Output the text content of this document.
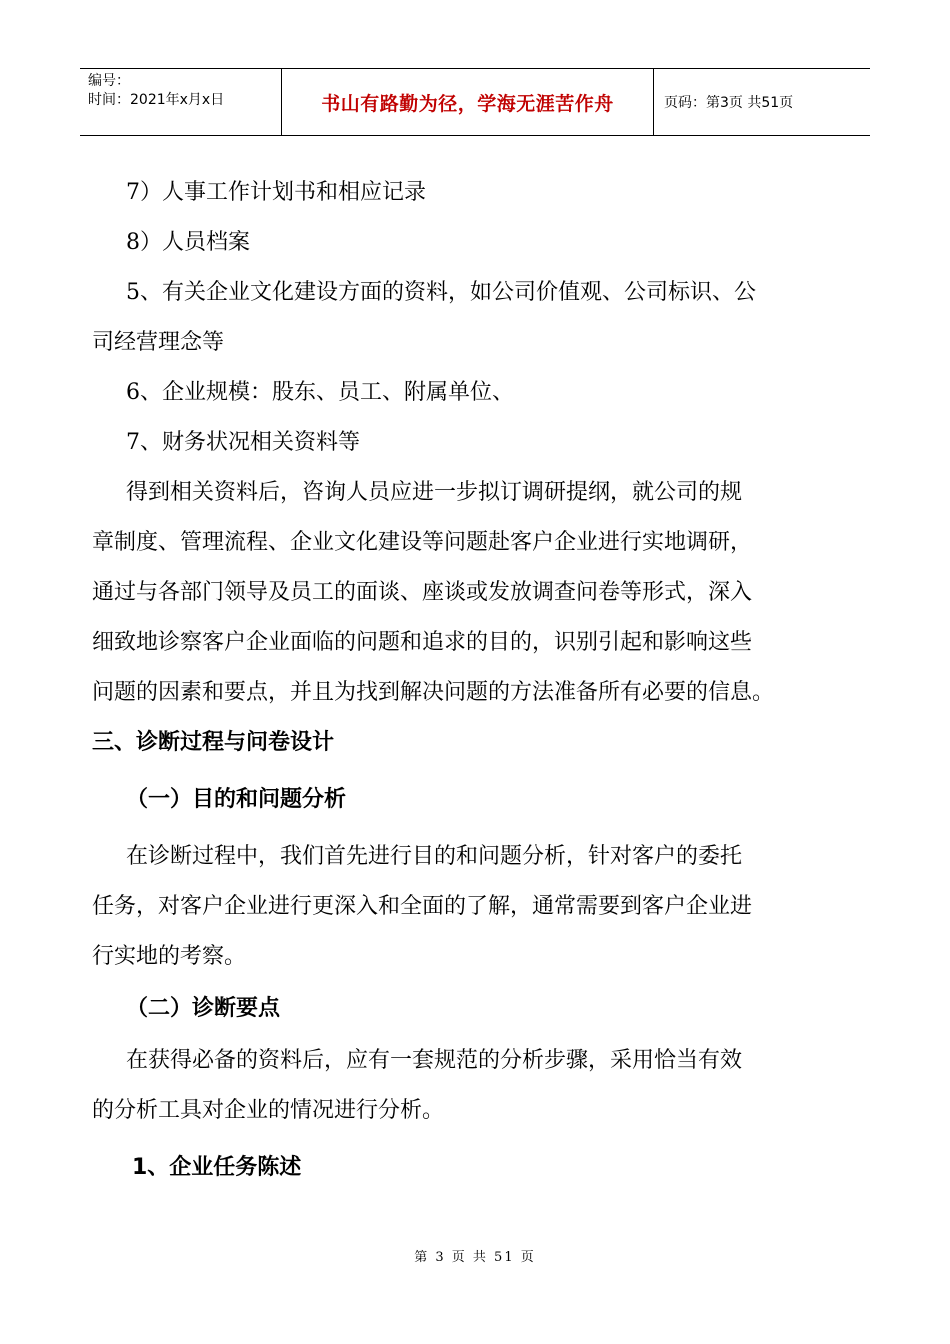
编号：
时间：2021年x月x日	书山有路勤为径，学海无涯苦作舟	页码：第3页 共51页

7）人事工作计划书和相应记录

8）人员档案

5、有关企业文化建设方面的资料，如公司价值观、公司标识、公

司经营理念等

6、企业规模：股东、员工、附属单位、

7、财务状况相关资料等

得到相关资料后，咨询人员应进一步拟订调研提纲，就公司的规

章制度、管理流程、企业文化建设等问题赴客户企业进行实地调研，

通过与各部门领导及员工的面谈、座谈或发放调查问卷等形式，深入

细致地诊察客户企业面临的问题和追求的目的，识别引起和影响这些

问题的因素和要点，并且为找到解决问题的方法准备所有必要的信息。

三、诊断过程与问卷设计

（一）目的和问题分析

在诊断过程中，我们首先进行目的和问题分析，针对客户的委托

任务，对客户企业进行更深入和全面的了解，通常需要到客户企业进

行实地的考察。

（二）诊断要点

在获得必备的资料后，应有一套规范的分析步骤，采用恰当有效

的分析工具对企业的情况进行分析。

1、企业任务陈述

第 3 页 共 51 页
